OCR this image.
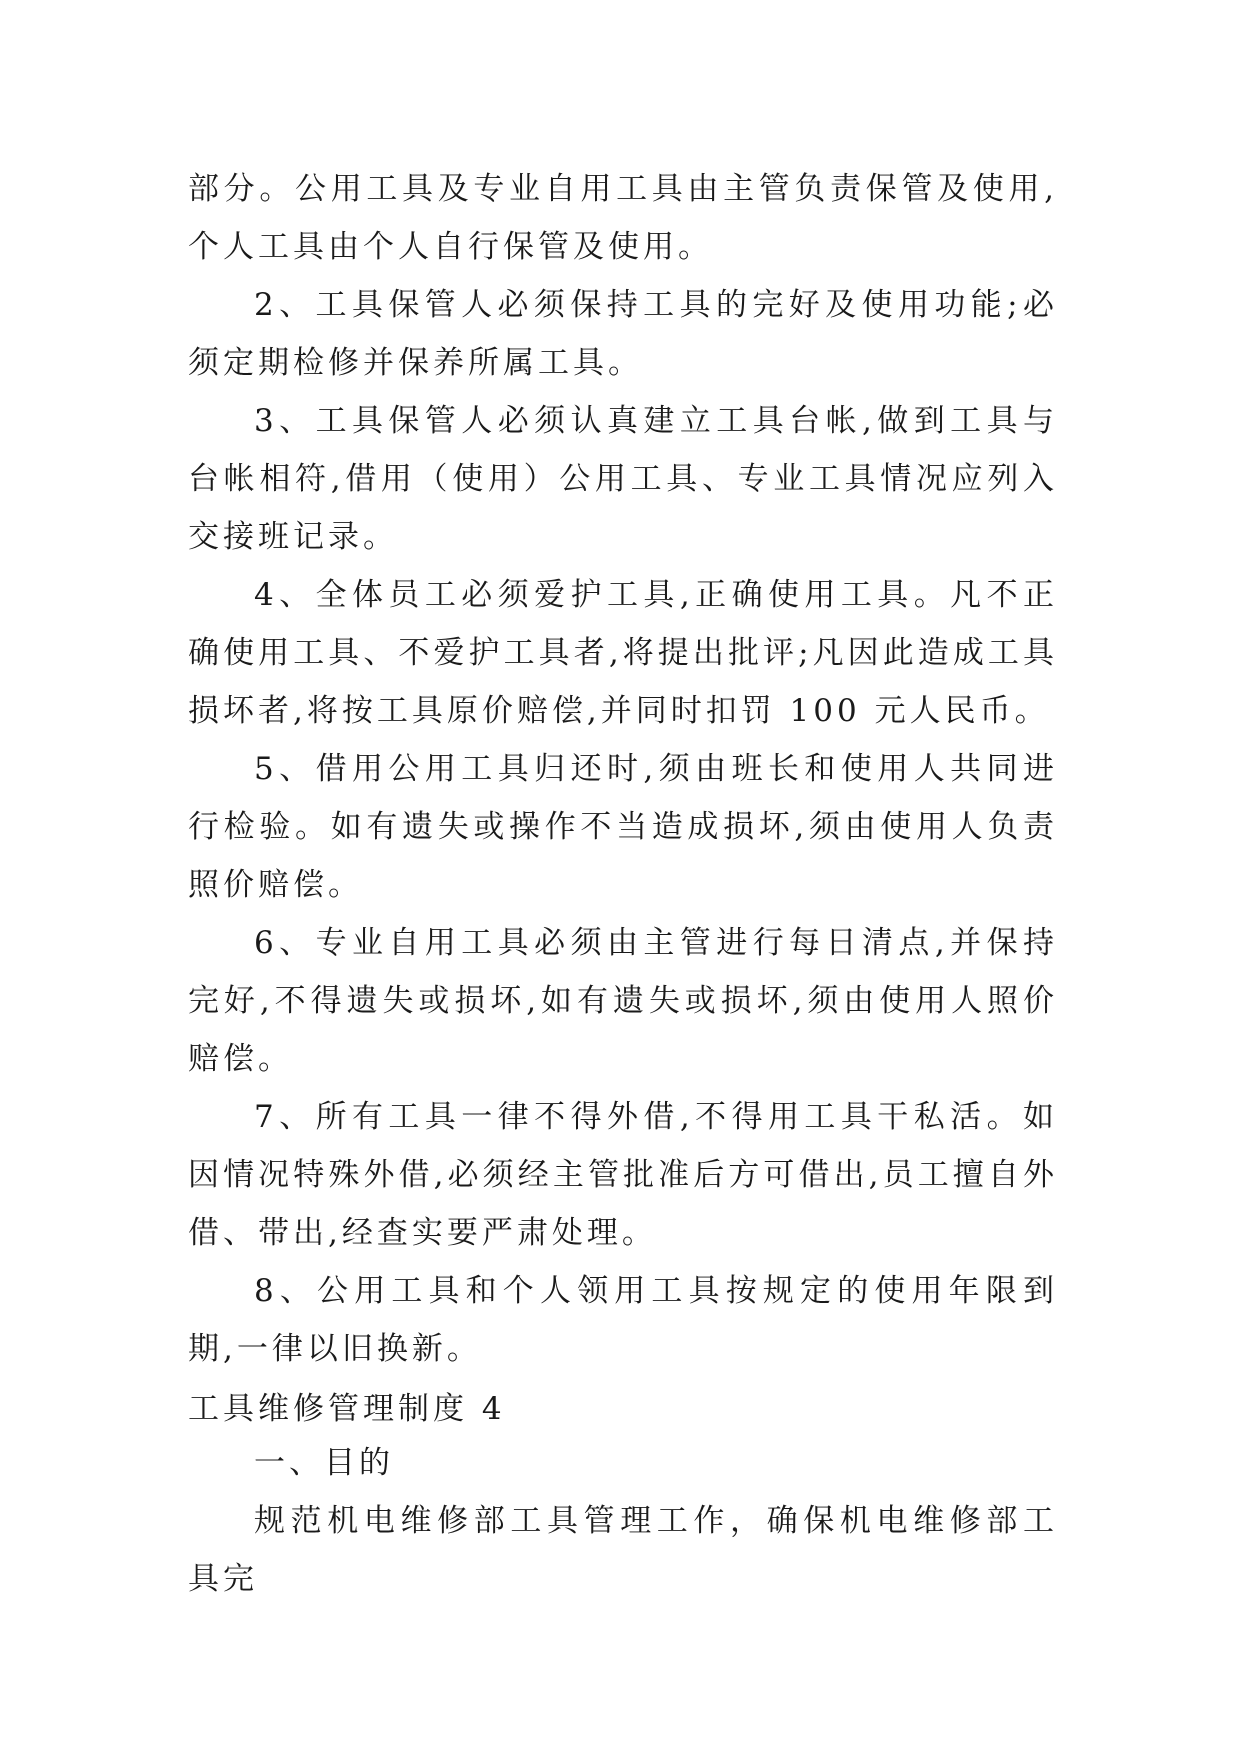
部分。公用工具及专业自用工具由主管负责保管及使用,个人工具由个人自行保管及使用。

2、工具保管人必须保持工具的完好及使用功能;必须定期检修并保养所属工具。

3、工具保管人必须认真建立工具台帐,做到工具与台帐相符,借用（使用）公用工具、专业工具情况应列入交接班记录。

4、全体员工必须爱护工具,正确使用工具。凡不正确使用工具、不爱护工具者,将提出批评;凡因此造成工具损坏者,将按工具原价赔偿,并同时扣罚 100 元人民币。

5、借用公用工具归还时,须由班长和使用人共同进行检验。如有遗失或操作不当造成损坏,须由使用人负责照价赔偿。

6、专业自用工具必须由主管进行每日清点,并保持完好,不得遗失或损坏,如有遗失或损坏,须由使用人照价赔偿。

7、所有工具一律不得外借,不得用工具干私活。如因情况特殊外借,必须经主管批准后方可借出,员工擅自外借、带出,经查实要严肃处理。

8、公用工具和个人领用工具按规定的使用年限到期,一律以旧换新。

工具维修管理制度 4

一、目的

规范机电维修部工具管理工作，确保机电维修部工具完
